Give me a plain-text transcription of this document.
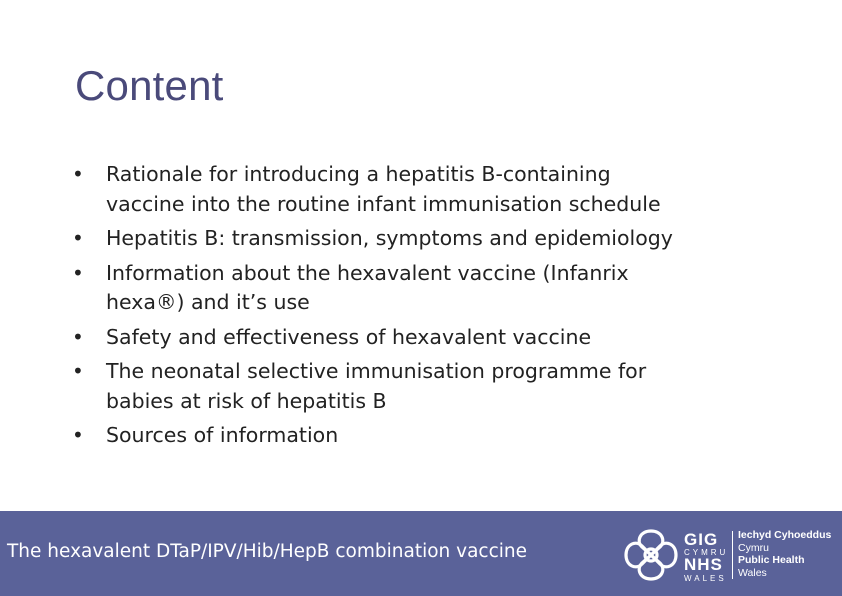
Content
• Rationale for introducing a hepatitis B-containing
vaccine into the routine infant immunisation schedule
• Hepatitis B: transmission, symptoms and epidemiology
• Information about the hexavalent vaccine (Infanrix
hexa®) and it’s use
• Safety and effectiveness of hexavalent vaccine
• The neonatal selective immunisation programme for
babies at risk of hepatitis B
• Sources of information
The hexavalent DTaP/IPV/Hib/HepB combination vaccine
GIG
CYMRU
NHS
WALES
Iechyd Cyhoeddus
Cymru
Public Health
Wales
